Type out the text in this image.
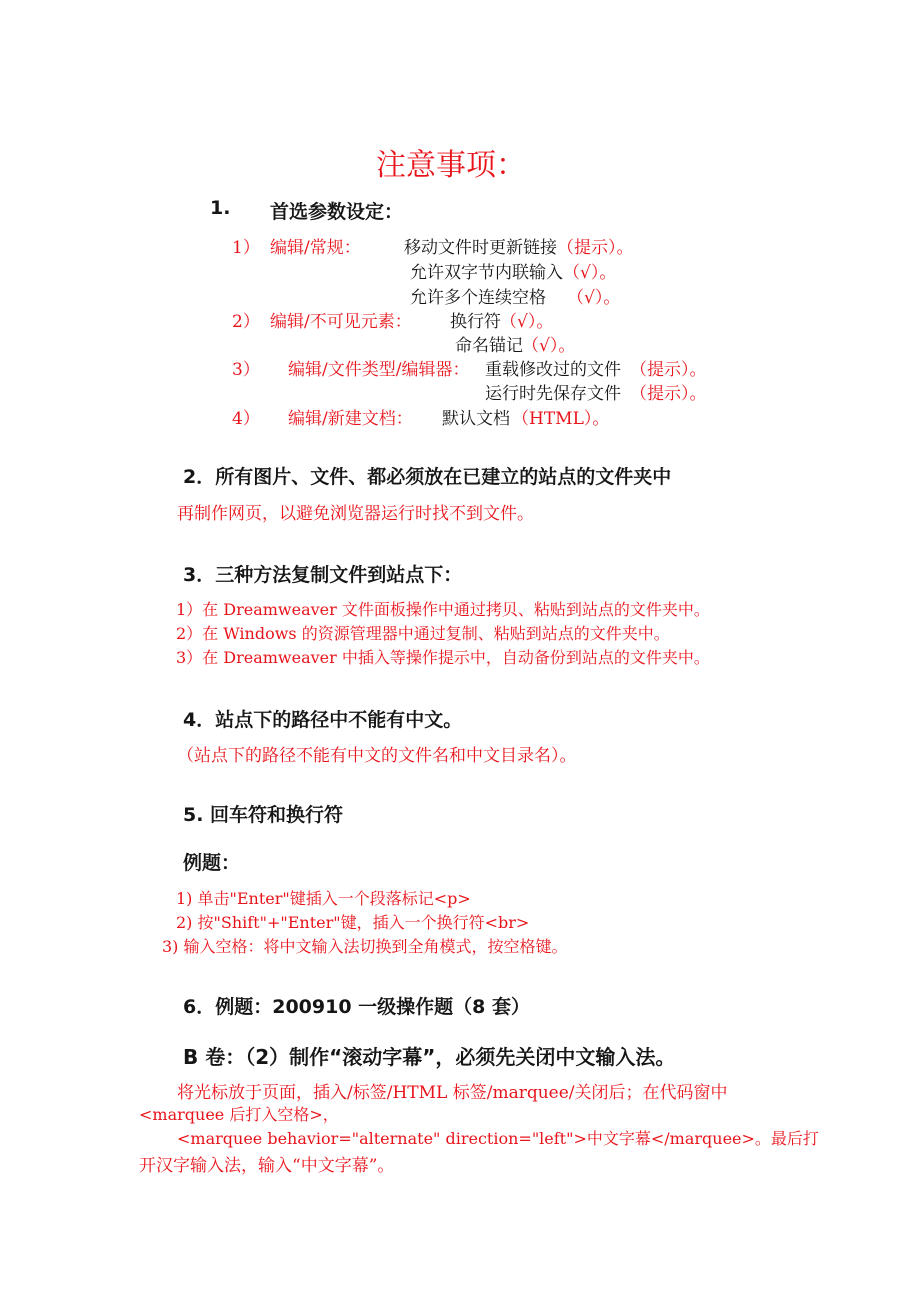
注意事项：
1. 首选参数设定：
1） 编辑/常规：	移动文件时更新链接 （提示）。
允许双字节内联输入 （√）。
允许多个连续空格 （√）。
2） 编辑/不可见元素： 换行符 （√）。
命名锚记 （√）。
3） 编辑/文件类型/编辑器： 重载修改过的文件 （提示）。
运行时先保存文件 （提示）。
4） 编辑/新建文档： 默认文档 （HTML）。
2．所有图片、文件、都必须放在已建立的站点的文件夹中
再制作网页，以避免浏览器运行时找不到文件。
3．三种方法复制文件到站点下：
1）在 Dreamweaver 文件面板操作中通过拷贝、粘贴到站点的文件夹中。
2）在 Windows 的资源管理器中通过复制、粘贴到站点的文件夹中。
3）在 Dreamweaver 中插入等操作提示中，自动备份到站点的文件夹中。
4．站点下的路径中不能有中文。
（站点下的路径不能有中文的文件名和中文目录名）。
5. 回车符和换行符
例题：
1) 单击"Enter"键插入一个段落标记<p>
2) 按"Shift"+"Enter"键，插入一个换行符<br>
3) 输入空格：将中文输入法切换到全角模式，按空格键。
6．例题：200910 一级操作题（8 套）
B 卷：（2）制作“滚动字幕”，必须先关闭中文输入法。
将光标放于页面，插入/标签/HTML 标签/marquee/关闭后；在代码窗中
<marquee 后打入空格>，
<marquee behavior="alternate" direction="left">中文字幕</marquee>。最后打
开汉字输入法，输入“中文字幕”。
